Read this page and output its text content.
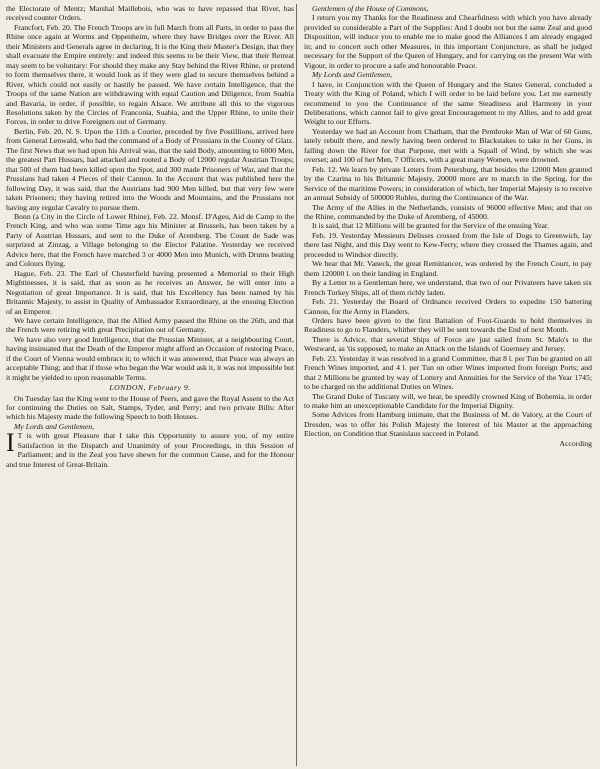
the Electorate of Mentz; Marshal Maillebois, who was to have repassed that River, has received counter Orders.

Francfort, Feb. 20. The French Troops are in full March from all Parts, in order to pass the Rhine once again at Worms and Oppenheim, where they have Bridges over the River. All their Ministers and Generals agree in declaring, It is the King their Master's Design, that they shall evacuate the Empire entirely: and indeed this seems to be their View, that their Retreat may seem to be voluntary: For should they make any Stay behind the River Rhine, or pretend to form themselves there, it would look as if they were glad to secure themselves behind a River, which could not easily or hastily be passed. We have certain Intelligence, that the Troops of the same Nation are withdrawing with equal Caution and Diligence, from Suabia and Bavaria, in order, if possible, to regain Alsace. We attribute all this to the vigorous Resolutions taken by the Circles of Franconia, Suabia, and the Upper Rhine, to unite their Forces, in order to drive Foreigners out of Germany.

Berlin, Feb. 20, N. S. Upon the 11th a Courier, preceded by five Postillions, arrived here from General Lenwald, who had the command of a Body of Prussians in the County of Glatz. The first News that we had upon his Arrival was, that the said Body, amounting to 6000 Men, the greatest Part Hussars, had attacked and routed a Body of 12000 regular Austrian Troops; that 500 of them had been killed upon the Spot, and 300 made Prisoners of War, and that the Prussians had taken 4 Pieces of their Cannon. In the Account that was published here the following Day, it was said, that the Austrians had 900 Men killed, but that very few were taken Prisoners; they having retired into the Woods and Mountains, and the Prussians not having any regular Cavalry to pursue them.

Bonn (a City in the Circle of Lower Rhine), Feb. 22. Monsf. D'Ageu, Aid de Camp to the French King, and who was some Time ago his Minister at Brussels, has been taken by a Party of Austrian Hussars, and sent to the Duke of Aremberg. The Count de Sade was surprized at Zinzag, a Village belonging to the Elector Palatine. Yesterday we received Advice here, that the French have marched 3 or 4000 Men into Munich, with Drums beating and Colours flying.

Hague, Feb. 23. The Earl of Chesterfield having presented a Memorial to their High Mightinesses, it is said, that as soon as he receives an Answer, he will enter into a Negotiation of great Importance. It is said, that his Excellency has been named by his Britannic Majesty, to assist in Quality of Ambassador Extraordinary, at the ensuing Election of an Emperor.

We have certain Intelligence, that the Allied Army passed the Rhine on the 26th, and that the French were retiring with great Precipitation out of Germany.

We have also very good Intelligence, that the Prussian Minister, at a neighbouring Court, having insinuated that the Death of the Emperor might afford an Occasion of restoring Peace, if the Court of Vienna would embrace it; to which it was answered, that Peace was always an acceptable Thing; and that if those who began the War would ask it, it was not impossible but it might be yielded to upon reasonable Terms.

LONDON, February 9.

On Tuesday last the King went to the House of Peers, and gave the Royal Assent to the Act for continuing the Duties on Salt, Stamps, Tyder, and Perry; and two private Bills: After which his Majesty made the following Speech to both Houses.

My Lords and Gentlemen,

I T is with great Pleasure that I take this Opportunity to assure you, of my entire Satisfaction in the Dispatch and Unanimity of your Proceedings, in this Session of Parliament; and in the Zeal you have shewn for the common Cause, and for the Honour and true Interest of Great-Britain.

Gentlemen of the House of Commons,

I return you my Thanks for the Readiness and Chearfulness with which you have already provided so considerable a Part of the Supplies: And I doubt not but the same Zeal and good Disposition, will induce you to enable me to make good the Alliances I am already engaged in; and to concert such other Measures, in this important Conjuncture, as shall be judged necessary for the Support of the Queen of Hungary, and for carrying on the present War with Vigour, in order to procure a safe and honourable Peace.

My Lords and Gentlemen,

I have, in Conjunction with the Queen of Hungary and the States General, concluded a Treaty with the King of Poland, which I will order to be laid before you. Let me earnestly recommend to you the Continuance of the same Steadiness and Harmony in your Deliberations, which cannot fail to give great Encouragement to my Allies, and to add great Weight to our Efforts.

Yesterday we had an Account from Chatham, that the Pembroke Man of War of 60 Guns, lately rebuilt there, and newly having been ordered to Blackstakes to take in her Guns, in falling down the River for that Purpose, met with a Squall of Wind, by which she was overset; and 100 of her Men, 7 Officers, with a great many Women, were drowned.

Feb. 12. We learn by private Letters from Petersburg, that besides the 12000 Men granted by the Czarina to his Britannic Majesty, 20000 more are to march in the Spring, for the Service of the maritime Powers; in consideration of which, her Imperial Majesty is to receive an annual Subsidy of 500000 Rubles, during the Continuance of the War.

The Army of the Allies in the Netherlands, consists of 96000 effective Men; and that on the Rhine, commanded by the Duke of Aremberg, of 45000.

It is said, that 12 Millions will be granted for the Service of the ensuing Year.

Feb. 19. Yesterday Messieurs Delisses crossed from the Isle of Dogs to Greenwich, lay there last Night, and this Day went to Kew-Ferry, where they crossed the Thames again, and proceeded to Windsor directly.

We hear that Mr. Vaneck, the great Remittancer, was ordered by the French Court, to pay them 120000 l. on their landing in England.

By a Letter to a Gentleman here, we understand, that two of our Privateers have taken six French Turkey Ships, all of them richly laden.

Feb. 21. Yesterday the Board of Ordnance received Orders to expedite 150 battering Cannon, for the Army in Flanders.

Orders have been given to the first Battalion of Foot-Guards to hold themselves in Readiness to go to Flanders, whither they will be sent towards the End of next Month.

There is Advice, that several Ships of Force are just sailed from St. Malo's to the Westward, as 'tis supposed, to make an Attack on the Islands of Guernsey and Jersey.

Feb. 23. Yesterday it was resolved in a grand Committee, that 8 l. per Tun be granted on all French Wines imported, and 4 l. per Tun on other Wines imported from foreign Ports; and that 2 Millions be granted by way of Lottery and Annuities for the Service of the Year 1745; to be charged on the additional Duties on Wines.

The Grand Duke of Tuscany will, we hear, be speedily crowned King of Bohemia, in order to make him an unexceptionable Candidate for the Imperial Dignity.

Some Advices from Hamburg intimate, that the Business of M. de Valory, at the Court of Dresden, was to offer his Polish Majesty the Interest of his Master at the approaching Election, on Condition that Stanislaus succeed in Poland.

According
